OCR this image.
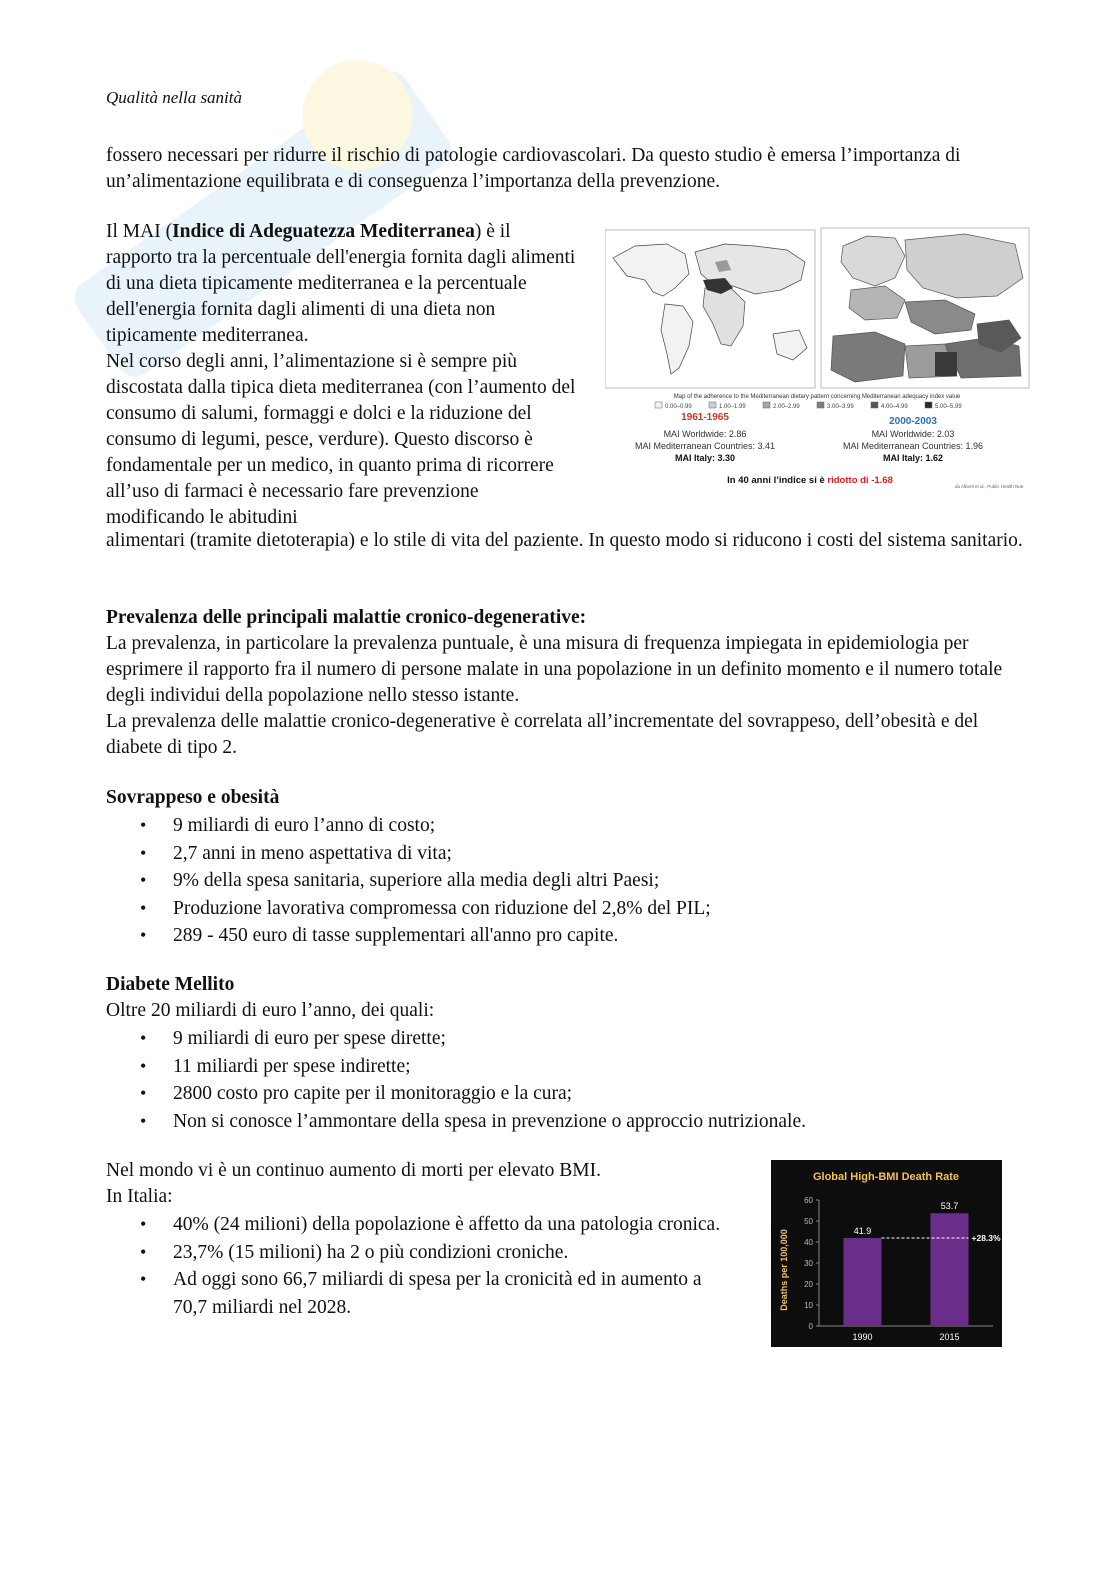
Qualità nella sanità

fossero necessari per ridurre il rischio di patologie cardiovascolari. Da questo studio è emersa l’importanza di un’alimentazione equilibrata e di conseguenza l’importanza della prevenzione.

Il MAI (Indice di Adeguatezza Mediterranea) è il rapporto tra la percentuale dell'energia fornita dagli alimenti di una dieta tipicamente mediterranea e la percentuale dell'energia fornita dagli alimenti di una dieta non tipicamente mediterranea.
Nel corso degli anni, l’alimentazione si è sempre più discostata dalla tipica dieta mediterranea (con l’aumento del consumo di salumi, formaggi e dolci e la riduzione del consumo di legumi, pesce, verdure). Questo discorso è fondamentale per un medico, in quanto prima di ricorrere all’uso di farmaci è necessario fare prevenzione modificando le abitudini

alimentari (tramite dietoterapia) e lo stile di vita del paziente. In questo modo si riducono i costi del sistema sanitario.

Map of the adherence to the Mediterranean dietary pattern concerning Mediterranean adequacy index value
0.00–0.99	1.00–1.99	2.00–2.99	3.00–3.99	4.00–4.99	5.00–5.99
1961-1965
MAI Worldwide: 2.86
MAI Mediterranean Countries: 3.41
MAI Italy: 3.30
2000-2003
MAI Worldwide: 2.03
MAI Mediterranean Countries: 1.96
MAI Italy: 1.62
In 40 anni l’indice si è ridotto di -1.68
da Alberti et al., Public Health Nutr.
Prevalenza delle principali malattie cronico-degenerative:

La prevalenza, in particolare la prevalenza puntuale, è una misura di frequenza impiegata in epidemiologia per esprimere il rapporto fra il numero di persone malate in una popolazione in un definito momento e il numero totale degli individui della popolazione nello stesso istante.
La prevalenza delle malattie cronico-degenerative è correlata all’incrementate del sovrappeso, dell’obesità e del diabete di tipo 2.

Sovrappeso e obesità
• 9 miliardi di euro l’anno di costo;
• 2,7 anni in meno aspettativa di vita;
• 9% della spesa sanitaria, superiore alla media degli altri Paesi;
• Produzione lavorativa compromessa con riduzione del 2,8% del PIL;
• 289 - 450 euro di tasse supplementari all'anno pro capite.
Diabete Mellito

Oltre 20 miliardi di euro l’anno, dei quali:

• 9 miliardi di euro per spese dirette;
• 11 miliardi per spese indirette;
• 2800 costo pro capite per il monitoraggio e la cura;
• Non si conosce l’ammontare della spesa in prevenzione o approccio nutrizionale.

Nel mondo vi è un continuo aumento di morti per elevato BMI.
In Italia:

• 40% (24 milioni) della popolazione è affetto da una patologia cronica.
• 23,7% (15 milioni) ha 2 o più condizioni croniche.
• Ad oggi sono 66,7 miliardi di spesa per la cronicità ed in aumento a 70,7 miliardi nel 2028.
Global High-BMI Death Rate
Deaths per 100,000
0
10
20
30
40
50
60
41.9
1990
53.7
2015
+28.3%
